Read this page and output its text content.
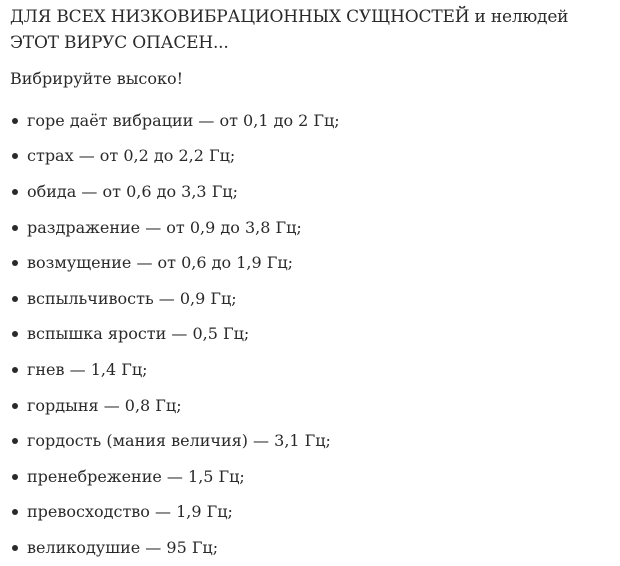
ДЛЯ ВСЕХ НИЗКОВИБРАЦИОННЫХ СУЩНОСТЕЙ и нелюдей ЭТОТ ВИРУС ОПАСЕН...

Вибрируйте высоко!

горе даёт вибрации — от 0,1 до 2 Гц;
страх — от 0,2 до 2,2 Гц;
обида — от 0,6 до 3,3 Гц;
раздражение — от 0,9 до 3,8 Гц;
возмущение — от 0,6 до 1,9 Гц;
вспыльчивость — 0,9 Гц;
вспышка ярости — 0,5 Гц;
гнев — 1,4 Гц;
гордыня — 0,8 Гц;
гордость (мания величия) — 3,1 Гц;
пренебрежение — 1,5 Гц;
превосходство — 1,9 Гц;
великодушие — 95 Гц;
